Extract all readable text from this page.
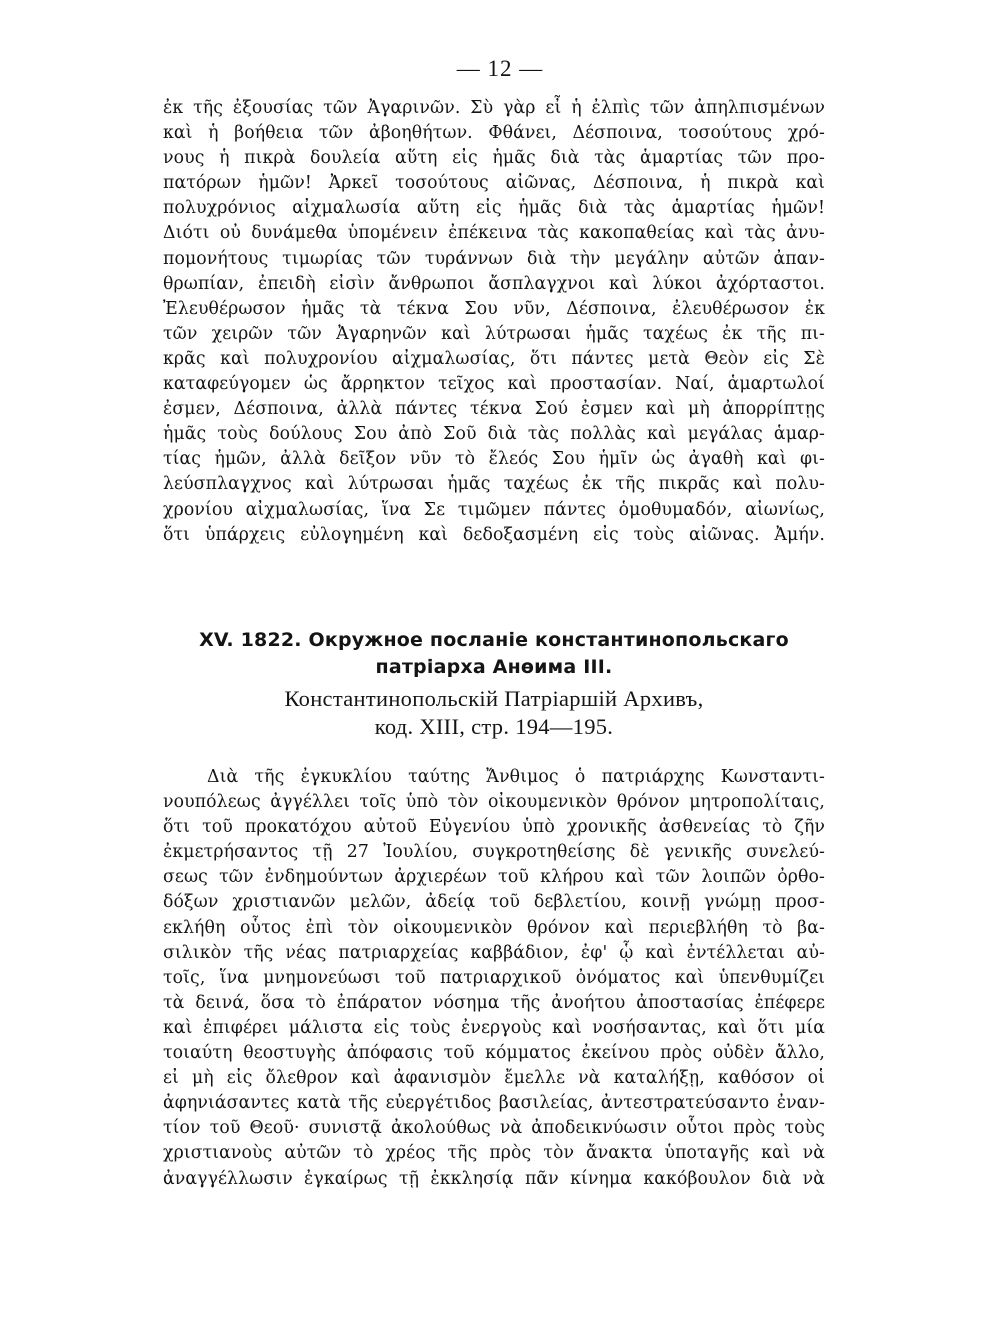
— 12 —
ἐκ τῆς ἐξουσίας τῶν Ἀγαρινῶν. Σὺ γὰρ εἶ ἡ ἐλπὶς τῶν ἀπηλπισμένων
καὶ ἡ βοήθεια τῶν ἀβοηθήτων. Φθάνει, Δέσποινα, τοσούτους χρό-
νους ἡ πικρὰ δουλεία αὕτη εἰς ἡμᾶς διὰ τὰς ἁμαρτίας τῶν προ-
πατόρων ἡμῶν! Ἀρκεῖ τοσούτους αἰῶνας, Δέσποινα, ἡ πικρὰ καὶ
πολυχρόνιος αἰχμαλωσία αὕτη εἰς ἡμᾶς διὰ τὰς ἁμαρτίας ἡμῶν!
Διότι οὐ δυνάμεθα ὑπομένειν ἐπέκεινα τὰς κακοπαθείας καὶ τὰς ἀνυ-
πομονήτους τιμωρίας τῶν τυράννων διὰ τὴν μεγάλην αὐτῶν ἀπαν-
θρωπίαν, ἐπειδὴ εἰσὶν ἄνθρωποι ἄσπλαγχνοι καὶ λύκοι ἀχόρταστοι.
Ἐλευθέρωσον ἡμᾶς τὰ τέκνα Σου νῦν, Δέσποινα, ἐλευθέρωσον ἐκ
τῶν χειρῶν τῶν Ἀγαρηνῶν καὶ λύτρωσαι ἡμᾶς ταχέως ἐκ τῆς πι-
κρᾶς καὶ πολυχρονίου αἰχμαλωσίας, ὅτι πάντες μετὰ Θεὸν εἰς Σὲ
καταφεύγομεν ὡς ἄρρηκτον τεῖχος καὶ προστασίαν. Ναί, ἁμαρτωλοί
ἐσμεν, Δέσποινα, ἀλλὰ πάντες τέκνα Σού ἐσμεν καὶ μὴ ἀπορρίπτῃς
ἡμᾶς τοὺς δούλους Σου ἀπὸ Σοῦ διὰ τὰς πολλὰς καὶ μεγάλας ἁμαρ-
τίας ἡμῶν, ἀλλὰ δεῖξον νῦν τὸ ἔλεός Σου ἡμῖν ὡς ἀγαθὴ καὶ φι-
λεύσπλαγχνος καὶ λύτρωσαι ἡμᾶς ταχέως ἐκ τῆς πικρᾶς καὶ πολυ-
χρονίου αἰχμαλωσίας, ἵνα Σε τιμῶμεν πάντες ὁμοθυμαδόν, αἰωνίως,
ὅτι ὑπάρχεις εὐλογημένη καὶ δεδοξασμένη εἰς τοὺς αἰῶνας. Ἀμήν.
XV. 1822. Окружное посланіе константинопольскаго
патріарха Анѳима III.
Константинопольскій Патріаршій Архивъ,
код. XIII, стр. 194—195.
Διὰ τῆς ἐγκυκλίου ταύτης Ἄνθιμος ὁ πατριάρχης Κωνσταντι-
νουπόλεως ἀγγέλλει τοῖς ὑπὸ τὸν οἰκουμενικὸν θρόνον μητροπολίταις,
ὅτι τοῦ προκατόχου αὐτοῦ Εὐγενίου ὑπὸ χρονικῆς ἀσθενείας τὸ ζῆν
ἐκμετρήσαντος τῇ 27 Ἰουλίου, συγκροτηθείσης δὲ γενικῆς συνελεύ-
σεως τῶν ἐνδημούντων ἀρχιερέων τοῦ κλήρου καὶ τῶν λοιπῶν ὀρθο-
δόξων χριστιανῶν μελῶν, ἀδείᾳ τοῦ δεβλετίου, κοινῇ γνώμῃ προσ-
εκλήθη οὗτος ἐπὶ τὸν οἰκουμενικὸν θρόνον καὶ περιεβλήθη τὸ βα-
σιλικὸν τῆς νέας πατριαρχείας καββάδιον, ἐφ' ᾧ καὶ ἐντέλλεται αὐ-
τοῖς, ἵνα μνημονεύωσι τοῦ πατριαρχικοῦ ὀνόματος καὶ ὑπενθυμίζει
τὰ δεινά, ὅσα τὸ ἐπάρατον νόσημα τῆς ἀνοήτου ἀποστασίας ἐπέφερε
καὶ ἐπιφέρει μάλιστα εἰς τοὺς ἐνεργοὺς καὶ νοσήσαντας, καὶ ὅτι μία
τοιαύτη θεοστυγὴς ἀπόφασις τοῦ κόμματος ἐκείνου πρὸς οὐδὲν ἄλλο,
εἰ μὴ εἰς ὄλεθρον καὶ ἀφανισμὸν ἔμελλε νὰ καταλήξῃ, καθόσον οἱ
ἀφηνιάσαντες κατὰ τῆς εὐεργέτιδος βασιλείας, ἀντεστρατεύσαντο ἐναν-
τίον τοῦ Θεοῦ· συνιστᾷ ἀκολούθως νὰ ἀποδεικνύωσιν οὗτοι πρὸς τοὺς
χριστιανοὺς αὐτῶν τὸ χρέος τῆς πρὸς τὸν ἄνακτα ὑποταγῆς καὶ νὰ
ἀναγγέλλωσιν ἐγκαίρως τῇ ἐκκλησίᾳ πᾶν κίνημα κακόβουλον διὰ νὰ
